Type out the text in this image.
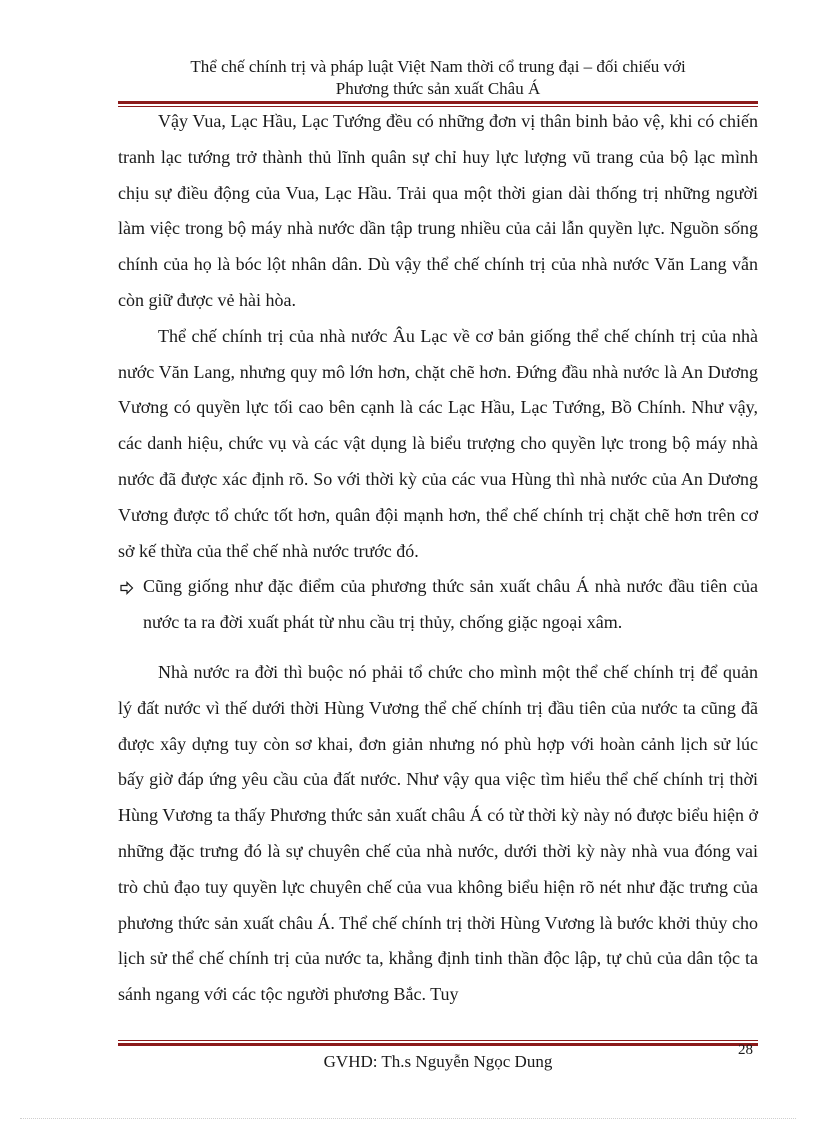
Thể chế chính trị và pháp luật Việt Nam thời cổ trung đại – đối chiếu với
Phương thức sản xuất Châu Á

Vậy Vua, Lạc Hầu, Lạc Tướng đều có những đơn vị thân binh bảo vệ, khi có chiến tranh lạc tướng trở thành thủ lĩnh quân sự chỉ huy lực lượng vũ trang của bộ lạc mình chịu sự điều động của Vua, Lạc Hầu. Trải qua một thời gian dài thống trị những người làm việc trong bộ máy nhà nước dần tập trung nhiều của cải lẫn quyền lực. Nguồn sống chính của họ là bóc lột nhân dân. Dù vậy thể chế chính trị của nhà nước Văn Lang vẫn còn giữ được vẻ hài hòa.

Thể chế chính trị của nhà nước Âu Lạc về cơ bản giống thể chế chính trị của nhà nước Văn Lang, nhưng quy mô lớn hơn, chặt chẽ hơn. Đứng đầu nhà nước là An Dương Vương có quyền lực tối cao bên cạnh là các Lạc Hầu, Lạc Tướng, Bồ Chính. Như vậy, các danh hiệu, chức vụ và các vật dụng là biểu trượng cho quyền lực trong bộ máy nhà nước đã được xác định rõ. So với thời kỳ của các vua Hùng thì nhà nước của An Dương Vương được tổ chức tốt hơn, quân đội mạnh hơn, thể chế chính trị chặt chẽ hơn trên cơ sở kế thừa của thể chế nhà nước trước đó.

Cũng giống như đặc điểm của phương thức sản xuất châu Á nhà nước đầu tiên của nước ta ra đời xuất phát từ nhu cầu trị thủy, chống giặc ngoại xâm.

Nhà nước ra đời thì buộc nó phải tổ chức cho mình một thể chế chính trị để quản lý đất nước vì thế dưới thời Hùng Vương thể chế chính trị đầu tiên của nước ta cũng đã được xây dựng tuy còn sơ khai, đơn giản nhưng nó phù hợp với hoàn cảnh lịch sử lúc bấy giờ đáp ứng yêu cầu của đất nước. Như vậy qua việc tìm hiểu thể chế chính trị thời Hùng Vương ta thấy Phương thức sản xuất châu Á có từ thời kỳ này nó được biểu hiện ở những đặc trưng đó là sự chuyên chế của nhà nước, dưới thời kỳ này nhà vua đóng vai trò chủ đạo tuy quyền lực chuyên chế của vua không biểu hiện rõ nét như đặc trưng của phương thức sản xuất châu Á. Thể chế chính trị thời Hùng Vương là bước khởi thủy cho lịch sử thể chế chính trị của nước ta, khẳng định tinh thần độc lập, tự chủ của dân tộc ta sánh ngang với các tộc người phương Bắc. Tuy

28
GVHD: Th.s Nguyễn Ngọc Dung
